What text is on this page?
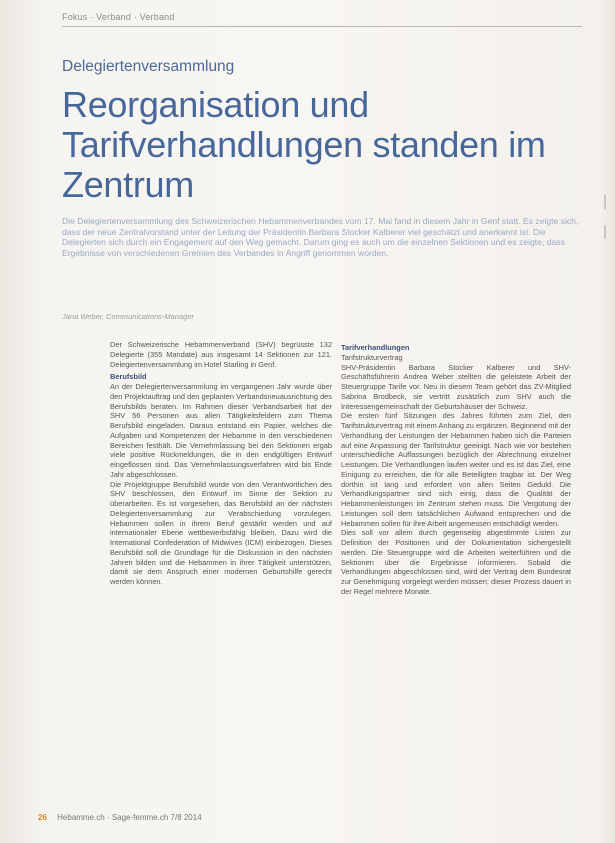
Fokus · Verband · Verband
Delegiertenversammlung
Reorganisation und Tarifverhandlungen standen im Zentrum
Die Delegiertenversammlung des Schweizerischen Hebammenverbandes vom 17. Mai fand in diesem Jahr in Genf statt. Es zeigte sich, dass der neue Zentralvorstand unter der Leitung der Präsidentin Barbara Stocker Kalberer viel geschätzt und anerkannt ist. Die Delegierten sich durch ein Engagement auf den Weg gemacht. Darum ging es auch um die einzelnen Sektionen und es zeigte, dass Ergebnisse von verschiedenen Gremien des Verbandes in Angriff genommen worden.
Jana Weber, Communications-Manager

Der Schweizerische Hebammenverband (SHV) begrüsste 132 Delegierte (355 Mandate) aus insgesamt 14 Sektionen zur 121. Delegiertenversammlung im Hotel Starling in Genf.

Berufsbild

An der Delegiertenversammlung im vergangenen Jahr wurde über den Projektauftrag und den geplanten Verbandsneuausrichtung des Berufsbilds beraten. Im Rahmen dieser Verbandsarbeit hat der SHV 56 Personen aus allen Tätigkeitsfeldern zum Thema Berufsbild eingeladen. Daraus entstand ein Papier, welches die Aufgaben und Kompetenzen der Hebamme in den verschiedenen Bereichen festhält. Die Vernehmlassung bei den Sektionen ergab viele positive Rückmeldungen, die in den endgültigen Entwurf eingeflossen sind. Das Vernehmlassungsverfahren wird bis Ende Jahr abgeschlossen.

Die Projektgruppe Berufsbild wurde von den Verantwortlichen des SHV beschlossen, den Entwurf im Sinne der Sektion zu überarbeiten. Es ist vorgesehen, das Berufsbild an der nächsten Delegiertenversammlung zur Verabschiedung vorzulegen. Hebammen sollen in ihrem Beruf gestärkt werden und auf internationaler Ebene wettbewerbsfähig bleiben. Dazu wird die International Confederation of Midwives (ICM) einbezogen. Dieses Berufsbild soll die Grundlage für die Diskussion in den nächsten Jahren bilden und die Hebammen in ihrer Tätigkeit unterstützen, damit sie dem Anspruch einer modernen Geburtshilfe gerecht werden können.

Tarifverhandlungen

Tarifstrukturvertrag

SHV-Präsidentin Barbara Stocker Kalberer und SHV-Geschäftsführerin Andrea Weber stellten die geleistete Arbeit der Steuergruppe Tarife vor. Neu in diesem Team gehört das ZV-Mitglied Sabrina Brodbeck, sie vertritt zusätzlich zum SHV auch die Interessengemeinschaft der Geburtshäuser der Schweiz.

Die ersten fünf Sitzungen des Jahres führten zum Ziel, den Tarifstrukturvertrag mit einem Anhang zu ergänzen. Beginnend mit der Verhandlung der Leistungen der Hebammen haben sich die Parteien auf eine Anpassung der Tarifstruktur geeinigt. Nach wie vor bestehen unterschiedliche Auffassungen bezüglich der Abrechnung einzelner Leistungen. Die Verhandlungen laufen weiter und es ist das Ziel, eine Einigung zu erreichen, die für alle Beteiligten tragbar ist. Der Weg dorthin ist lang und erfordert von allen Seiten Geduld. Die Verhandlungspartner sind sich einig, dass die Qualität der Hebammenleistungen im Zentrum stehen muss. Die Vergütung der Leistungen soll dem tatsächlichen Aufwand entsprechen und die Hebammen sollen für ihre Arbeit angemessen entschädigt werden.

Dies soll vor allem durch gegenseitig abgestimmte Listen zur Definition der Positionen und der Dokumentation sichergestellt werden. Die Steuergruppe wird die Arbeiten weiterführen und die Sektionen über die Ergebnisse informieren. Sobald die Verhandlungen abgeschlossen sind, wird der Vertrag dem Bundesrat zur Genehmigung vorgelegt werden müssen; dieser Prozess dauert in der Regel mehrere Monate.

26 Hebamme.ch · Sage-femme.ch 7/8 2014
